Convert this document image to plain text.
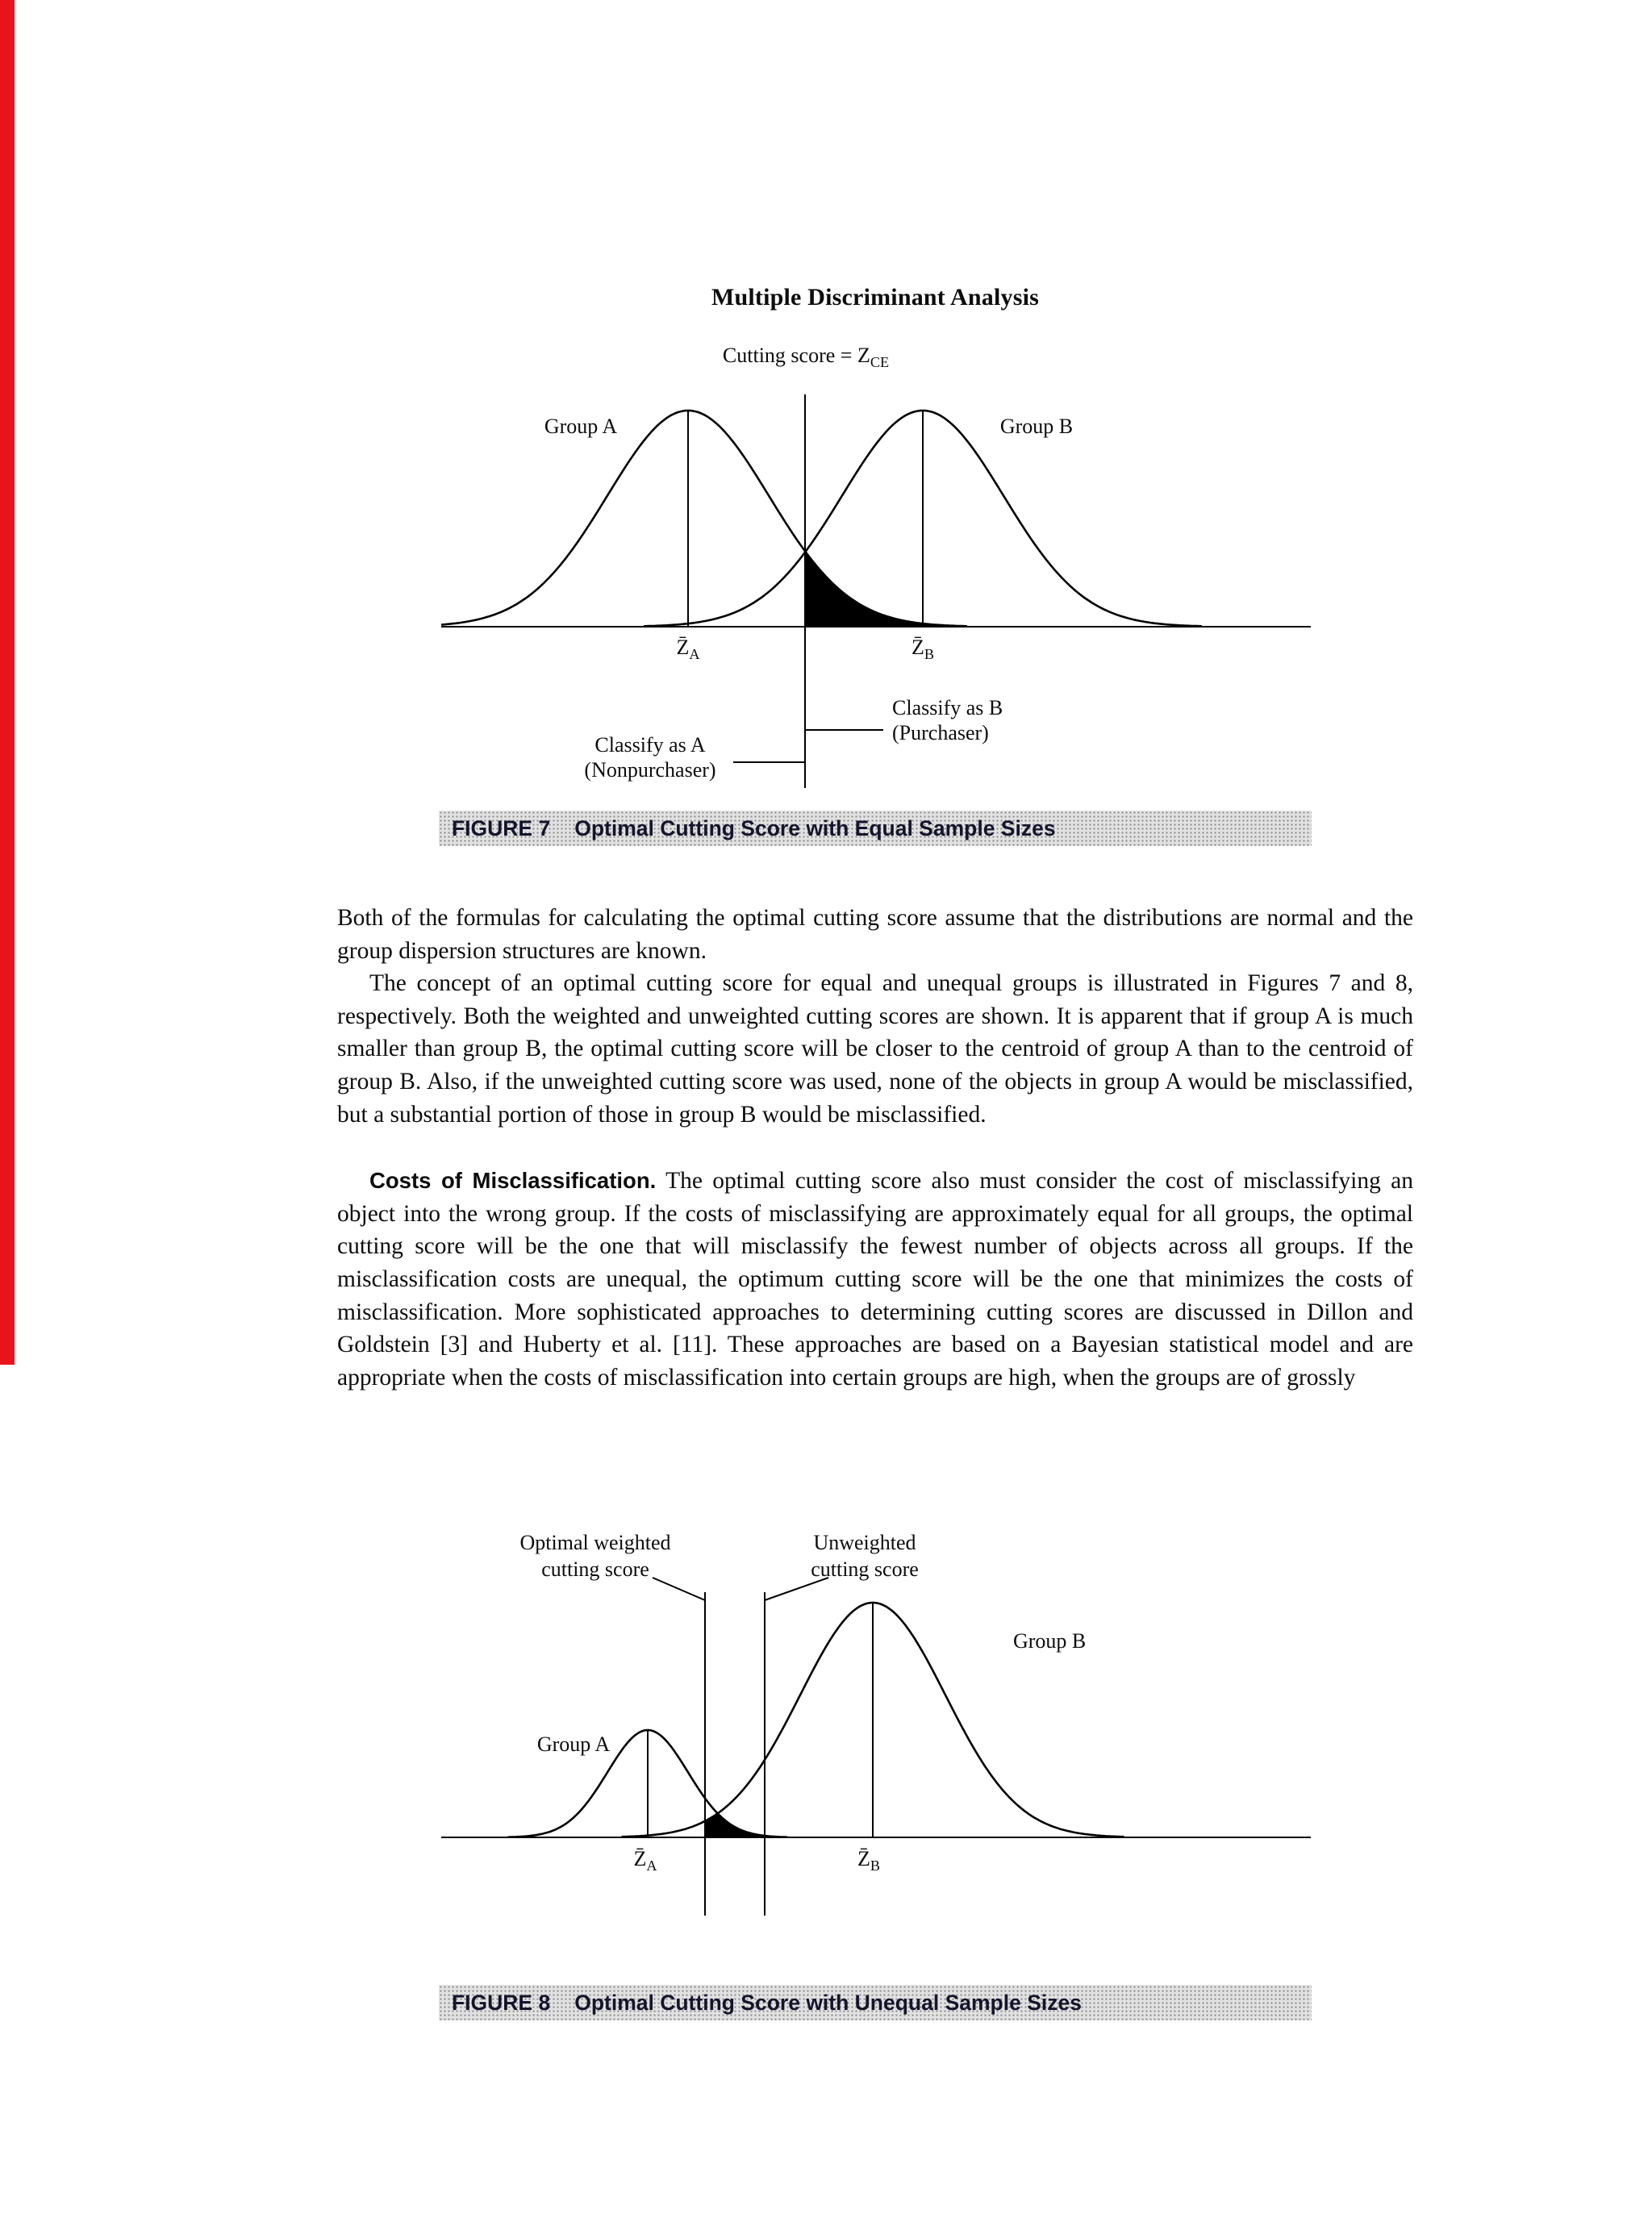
Multiple Discriminant Analysis
Cutting score = $Z_{CE}$
Group A	Group B
$Z̄_A$	$Z̄_B$
Classify as B
(Purchaser)
Classify as A
(Nonpurchaser)
FIGURE 7 Optimal Cutting Score with Equal Sample Sizes

Both of the formulas for calculating the optimal cutting score assume that the distributions are normal and the group dispersion structures are known.

The concept of an optimal cutting score for equal and unequal groups is illustrated in Figures 7 and 8, respectively. Both the weighted and unweighted cutting scores are shown. It is apparent that if group A is much smaller than group B, the optimal cutting score will be closer to the centroid of group A than to the centroid of group B. Also, if the unweighted cutting score was used, none of the objects in group A would be misclassified, but a substantial portion of those in group B would be misclassified.

Costs of Misclassification. The optimal cutting score also must consider the cost of misclassifying an object into the wrong group. If the costs of misclassifying are approximately equal for all groups, the optimal cutting score will be the one that will misclassify the fewest number of objects across all groups. If the misclassification costs are unequal, the optimum cutting score will be the one that minimizes the costs of misclassification. More sophisticated approaches to determining cutting scores are discussed in Dillon and Goldstein [3] and Huberty et al. [11]. These approaches are based on a Bayesian statistical model and are appropriate when the costs of misclassification into certain groups are high, when the groups are of grossly

Optimal weighted
cutting score
Unweighted
cutting score
Group B
Group A
$Z̄_A$	$Z̄_B$
FIGURE 8 Optimal Cutting Score with Unequal Sample Sizes
